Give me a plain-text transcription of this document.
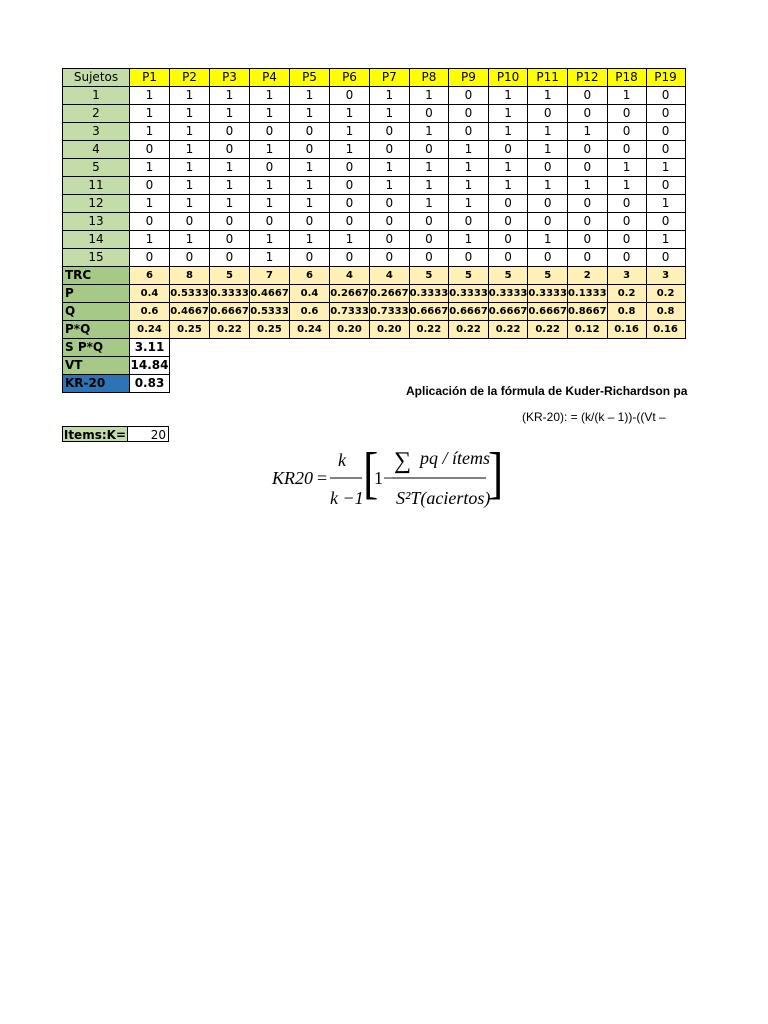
Sujetos	P1	P2	P3	P4	P5	P6	P7	P8	P9	P10	P11	P12	P18	P19
1	1	1	1	1	1	0	1	1	0	1	1	0	1	0
2	1	1	1	1	1	1	1	0	0	1	0	0	0	0
3	1	1	0	0	0	1	0	1	0	1	1	1	0	0
4	0	1	0	1	0	1	0	0	1	0	1	0	0	0
5	1	1	1	0	1	0	1	1	1	1	0	0	1	1
11	0	1	1	1	1	0	1	1	1	1	1	1	1	0
12	1	1	1	1	1	0	0	1	1	0	0	0	0	1
13	0	0	0	0	0	0	0	0	0	0	0	0	0	0
14	1	1	0	1	1	1	0	0	1	0	1	0	0	1
15	0	0	0	1	0	0	0	0	0	0	0	0	0	0
TRC	6	8	5	7	6	4	4	5	5	5	5	2	3	3
P	0.4	0.5333	0.3333	0.4667	0.4	0.2667	0.2667	0.3333	0.3333	0.3333	0.3333	0.1333	0.2	0.2
Q	0.6	0.4667	0.6667	0.5333	0.6	0.7333	0.7333	0.6667	0.6667	0.6667	0.6667	0.8667	0.8	0.8
P*Q	0.24	0.25	0.22	0.25	0.24	0.20	0.20	0.22	0.22	0.22	0.22	0.12	0.16	0.16
S P*Q	3.11													
VT	14.84													
KR-20	0.83													
Items:K=	20
Aplicación de la fórmula de Kuder-Richardson pa
(KR-20): = (k/(k – 1))-((Vt –
KR20 =
k
k −1 [
1−
∑ pq / ítems
S²T(aciertos)
]
